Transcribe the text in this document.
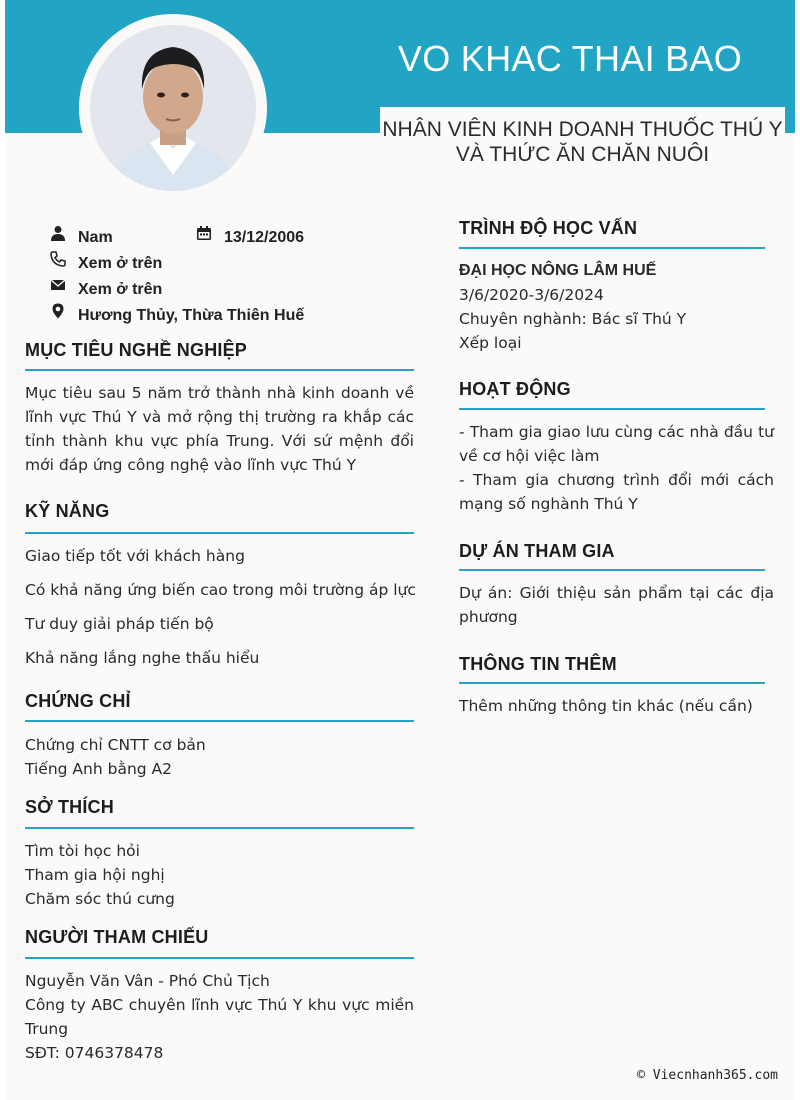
VO KHAC THAI BAO
NHÂN VIÊN KINH DOANH THUỐC THÚ Y VÀ THỨC ĂN CHĂN NUÔI
Nam	13/12/2006
Xem ở trên
Xem ở trên
Hương Thủy, Thừa Thiên Huế
MỤC TIÊU NGHỀ NGHIỆP
Mục tiêu sau 5 năm trở thành nhà kinh doanh về lĩnh vực Thú Y và mở rộng thị trường ra khắp các tỉnh thành khu vực phía Trung. Với sứ mệnh đổi mới đáp ứng công nghệ vào lĩnh vực Thú Y
KỸ NĂNG
Giao tiếp tốt với khách hàng
Có khả năng ứng biến cao trong môi trường áp lực
Tư duy giải pháp tiến bộ
Khả năng lắng nghe thấu hiểu
CHỨNG CHỈ
Chứng chỉ CNTT cơ bản
Tiếng Anh bằng A2
SỞ THÍCH
Tìm tòi học hỏi
Tham gia hội nghị
Chăm sóc thú cưng
NGƯỜI THAM CHIẾU
Nguyễn Văn Vân - Phó Chủ Tịch
Công ty ABC chuyên lĩnh vực Thú Y khu vực miền Trung
SĐT: 0746378478
TRÌNH ĐỘ HỌC VẤN
ĐẠI HỌC NÔNG LÂM HUẾ
3/6/2020-3/6/2024
Chuyên nghành: Bác sĩ Thú Y
Xếp loại
HOẠT ĐỘNG
- Tham gia giao lưu cùng các nhà đầu tư về cơ hội việc làm
- Tham gia chương trình đổi mới cách mạng số nghành Thú Y
DỰ ÁN THAM GIA
Dự án: Giới thiệu sản phẩm tại các địa phương
THÔNG TIN THÊM
Thêm những thông tin khác (nếu cần)
© Viecnhanh365.com
